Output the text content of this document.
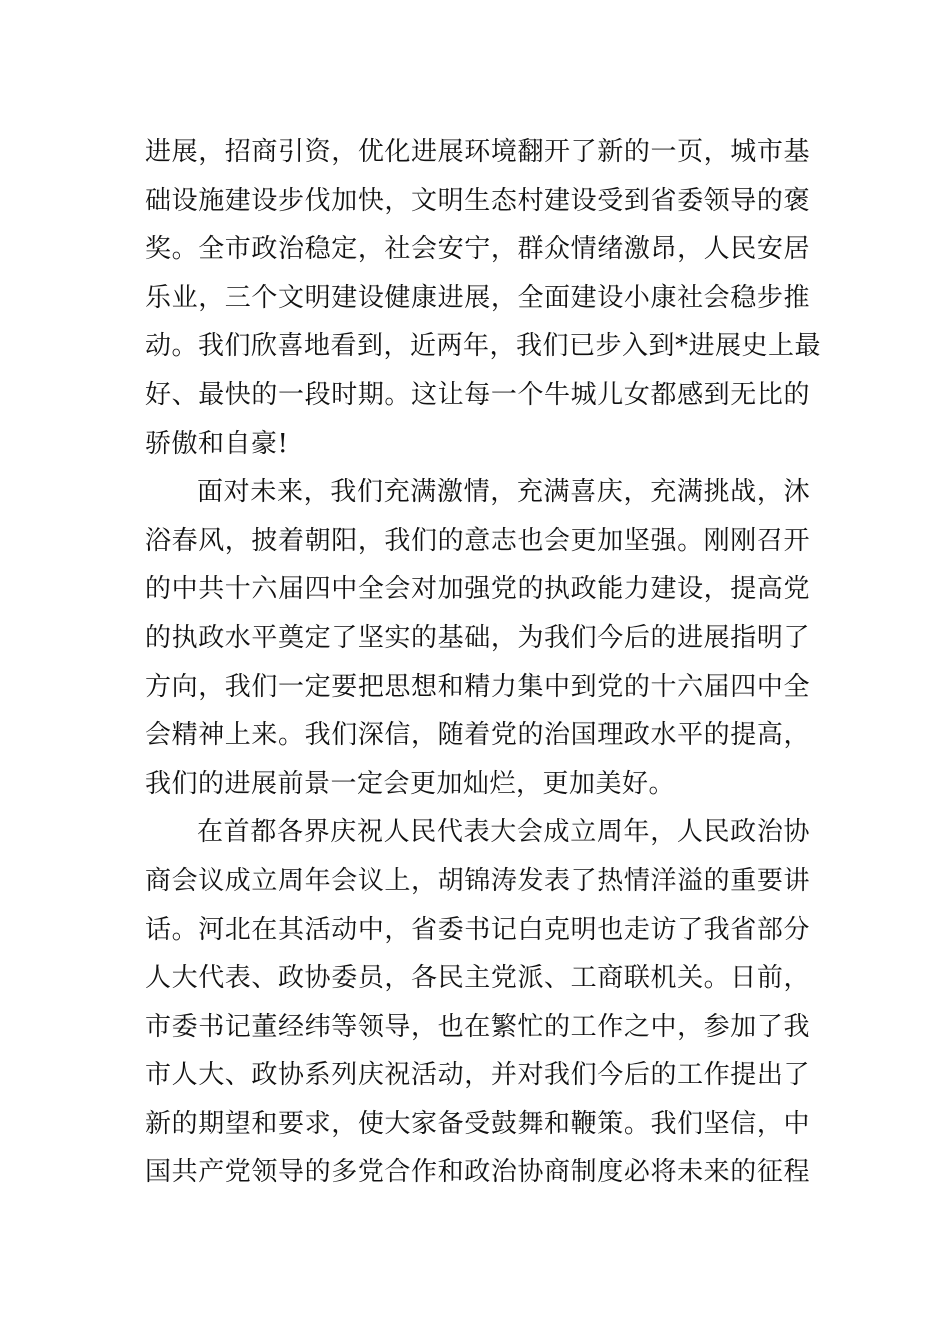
进展，招商引资，优化进展环境翻开了新的一页，城市基
础设施建设步伐加快，文明生态村建设受到省委领导的褒
奖。全市政治稳定，社会安宁，群众情绪激昂，人民安居
乐业，三个文明建设健康进展，全面建设小康社会稳步推
动。我们欣喜地看到，近两年，我们已步入到*进展史上最
好、最快的一段时期。这让每一个牛城儿女都感到无比的
骄傲和自豪!
面对未来，我们充满激情，充满喜庆，充满挑战，沐
浴春风，披着朝阳，我们的意志也会更加坚强。刚刚召开
的中共十六届四中全会对加强党的执政能力建设，提高党
的执政水平奠定了坚实的基础，为我们今后的进展指明了
方向，我们一定要把思想和精力集中到党的十六届四中全
会精神上来。我们深信，随着党的治国理政水平的提高，
我们的进展前景一定会更加灿烂，更加美好。
在首都各界庆祝人民代表大会成立周年，人民政治协
商会议成立周年会议上，胡锦涛发表了热情洋溢的重要讲
话。河北在其活动中，省委书记白克明也走访了我省部分
人大代表、政协委员，各民主党派、工商联机关。日前，
市委书记董经纬等领导，也在繁忙的工作之中，参加了我
市人大、政协系列庆祝活动，并对我们今后的工作提出了
新的期望和要求，使大家备受鼓舞和鞭策。我们坚信，中
国共产党领导的多党合作和政治协商制度必将未来的征程
